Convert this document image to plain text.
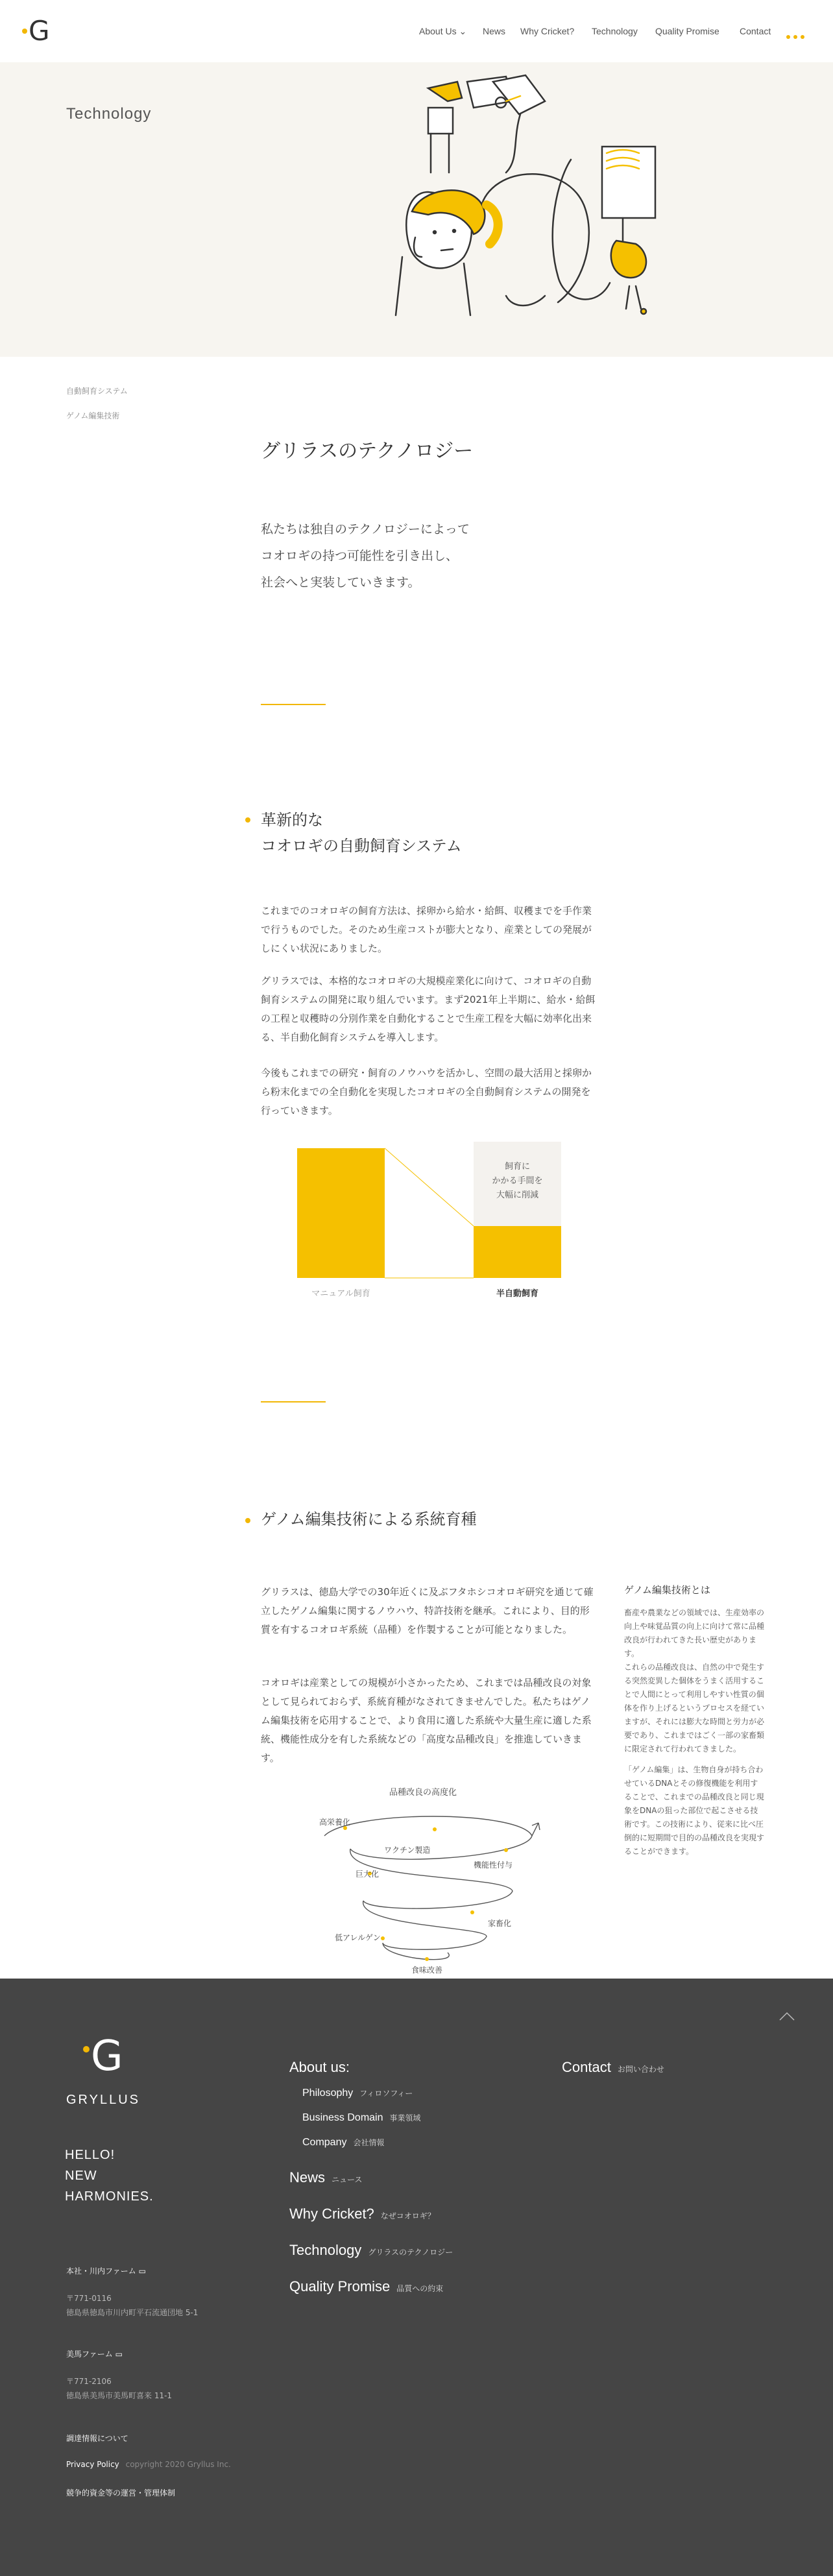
G	About Us ⌄ News Why Cricket? Technology Quality Promise Contact
Technology
自動飼育システム
ゲノム編集技術
グリラスのテクノロジー
私たちは独自のテクノロジーによって
コオロギの持つ可能性を引き出し、
社会へと実装していきます。
革新的な
コオロギの自動飼育システム
これまでのコオロギの飼育方法は、採卵から給水・給餌、収穫までを手作業で行うものでした。そのため生産コストが膨大となり、産業としての発展がしにくい状況にありました。
グリラスでは、本格的なコオロギの大規模産業化に向けて、コオロギの自動飼育システムの開発に取り組んでいます。まず2021年上半期に、給水・給餌の工程と収穫時の分別作業を自動化することで生産工程を大幅に効率化出来る、半自動化飼育システムを導入します。
今後もこれまでの研究・飼育のノウハウを活かし、空間の最大活用と採卵から粉末化までの全自動化を実現したコオロギの全自動飼育システムの開発を行っていきます。
マニュアル飼育	半自動飼育
飼育に
かかる手間を
大幅に削減
ゲノム編集技術による系統育種
グリラスは、徳島大学での30年近くに及ぶフタホシコオロギ研究を通じて確立したゲノム編集に関するノウハウ、特許技術を継承。これにより、目的形質を有するコオロギ系統（品種）を作製することが可能となりました。
コオロギは産業としての規模が小さかったため、これまでは品種改良の対象として見られておらず、系統育種がなされてきませんでした。私たちはゲノム編集技術を応用することで、より食用に適した系統や大量生産に適した系統、機能性成分を有した系統などの「高度な品種改良」を推進していきます。
ゲノム編集技術とは
畜産や農業などの領域では、生産効率の向上や味覚品質の向上に向けて常に品種改良が行われてきた長い歴史があります。
これらの品種改良は、自然の中で発生する突然変異した個体をうまく活用することで人間にとって利用しやすい性質の個体を作り上げるというプロセスを経ていますが、それには膨大な時間と労力が必要であり、これまではごく一部の家畜類に限定されて行われてきました。
「ゲノム編集」は、生物自身が持ち合わせているDNAとその修復機能を利用することで、これまでの品種改良と同じ現象をDNAの狙った部位で起こさせる技術です。この技術により、従来に比べ圧倒的に短期間で目的の品種改良を実現することができます。
品種改良の高度化
高栄養化
ワクチン製造
機能性付与
巨大化
家畜化
低アレルゲン
食味改善
G
GRYLLUS
HELLO!
NEW
HARMONIES.
About us:
Philosophy フィロソフィー
Business Domain 事業領域
Company 会社情報
News ニュース
Why Cricket? なぜコオロギ？
Technology グリラスのテクノロジー
Quality Promise 品質への約束
Contact お問い合わせ
本社・川内ファーム ▭
〒771-0116
徳島県徳島市川内町平石流通団地 5-1
美馬ファーム ▭
〒771-2106
徳島県美馬市美馬町喜来 11-1
調達情報について
Privacy Policy copyright 2020 Gryllus Inc.
競争的資金等の運営・管理体制
